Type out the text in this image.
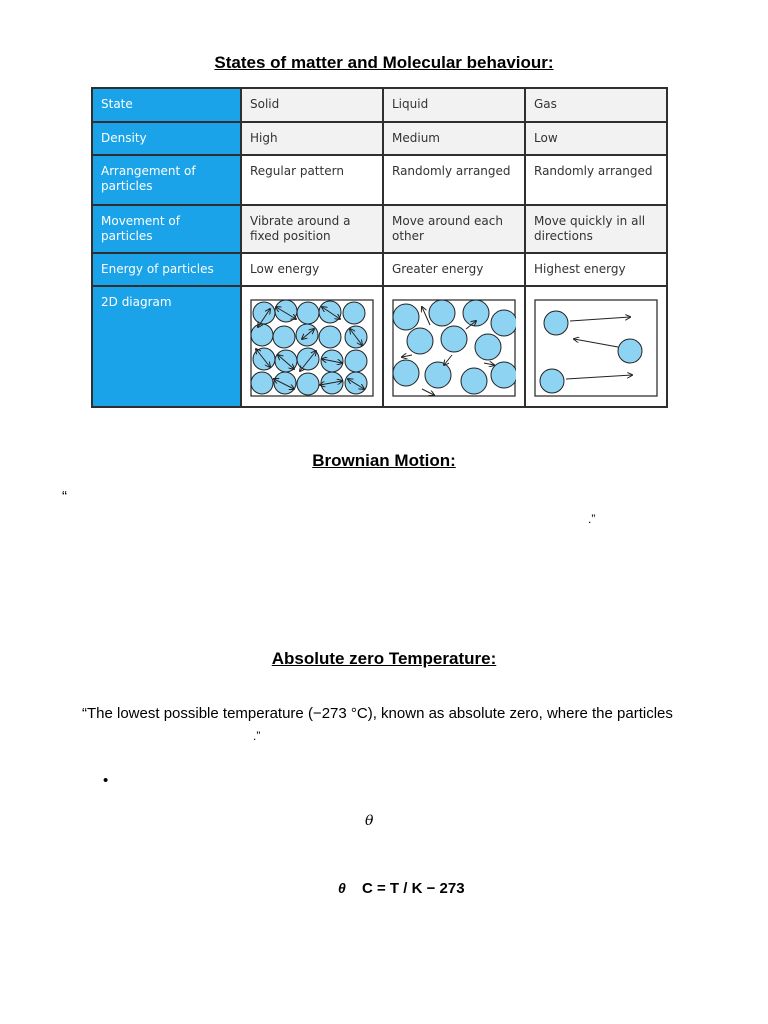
States of matter and Molecular behaviour:
State	Solid	Liquid	Gas
Density	High	Medium	Low
Arrangement of particles	Regular pattern	Randomly arranged	Randomly arranged
Movement of particles	Vibrate around a fixed position	Move around each other	Move quickly in all directions
Energy of particles	Low energy	Greater energy	Highest energy
2D diagram	

Brownian Motion:
“
.”
Absolute zero Temperature:
“The lowest possible temperature (−273 °C), known as absolute zero, where the particles
.”
•
θ
θ C = T / K − 273
